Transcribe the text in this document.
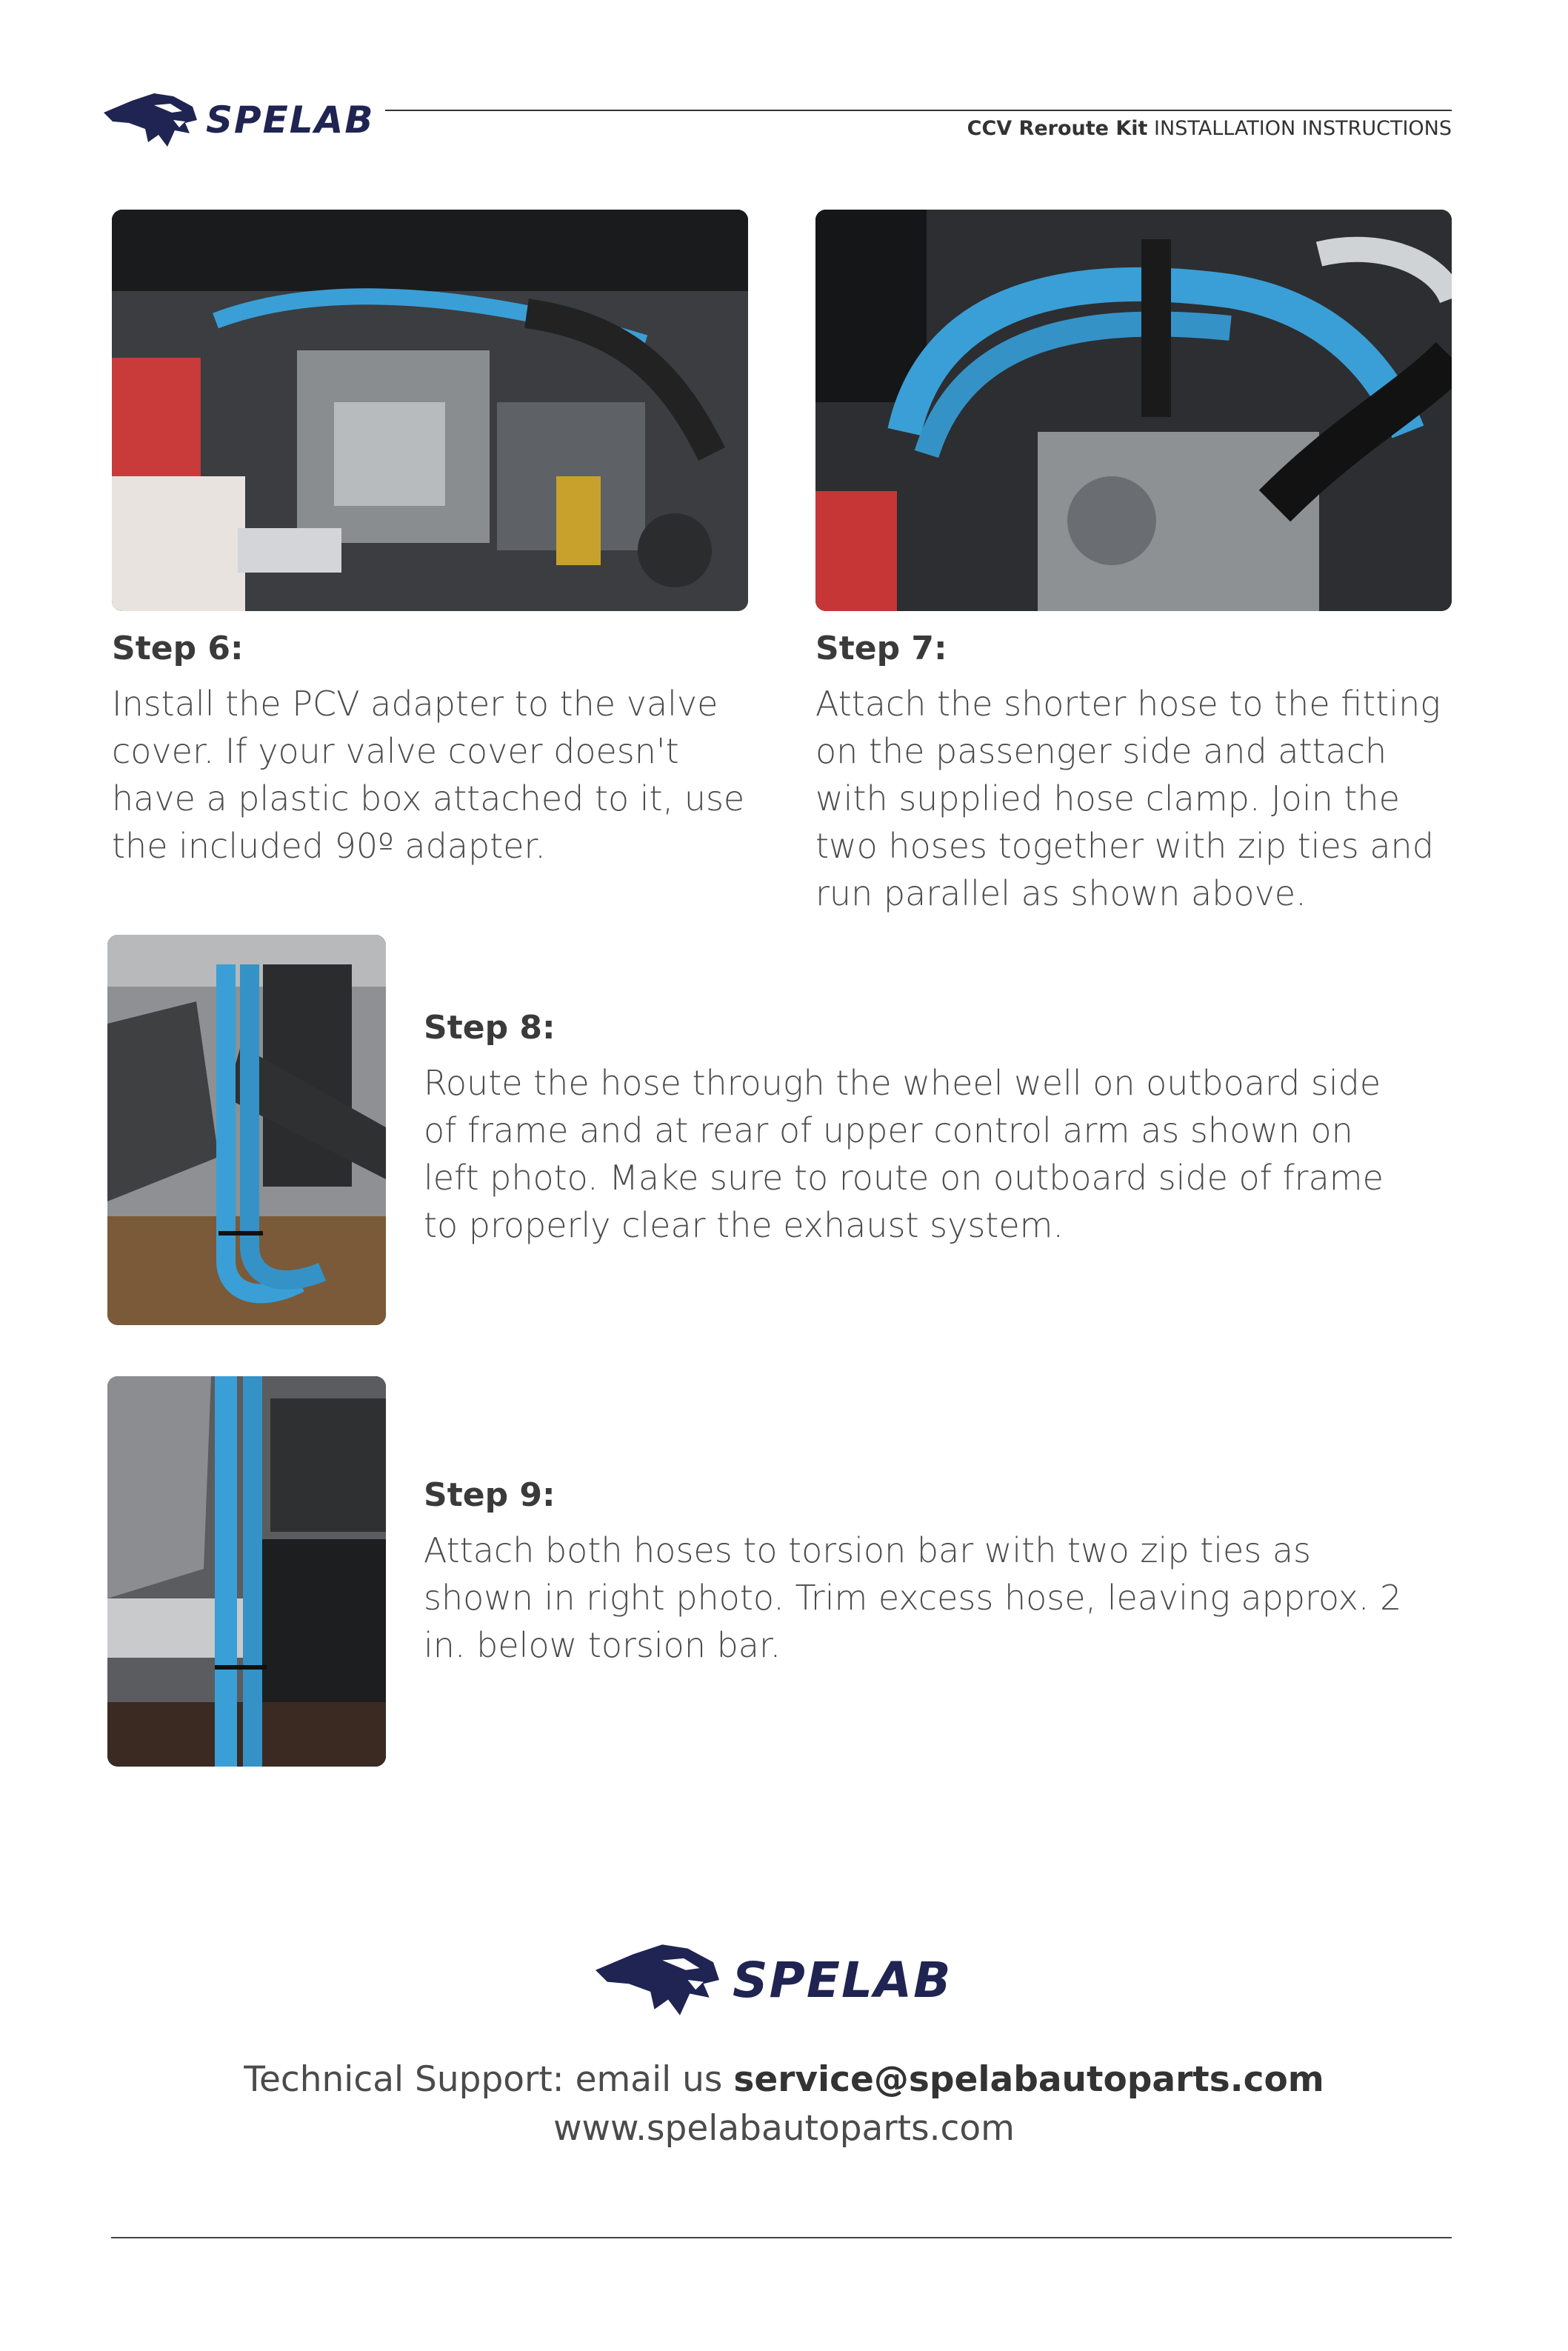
SPELAB	CCV Reroute Kit INSTALLATION INSTRUCTIONS
Step 6:
Install the PCV adapter to the valve cover. If your valve cover doesn't have a plastic box attached to it, use the included 90º adapter.
Step 7:
Attach the shorter hose to the fitting on the passenger side and attach with supplied hose clamp. Join the two hoses together with zip ties and run parallel as shown above.
Step 8:
Route the hose through the wheel well on outboard side of frame and at rear of upper control arm as shown on left photo. Make sure to route on outboard side of frame to properly clear the exhaust system.
Step 9:
Attach both hoses to torsion bar with two zip ties as shown in right photo. Trim excess hose, leaving approx. 2 in. below torsion bar.
SPELAB
Technical Support: email us service@spelabautoparts.com
www.spelabautoparts.com
